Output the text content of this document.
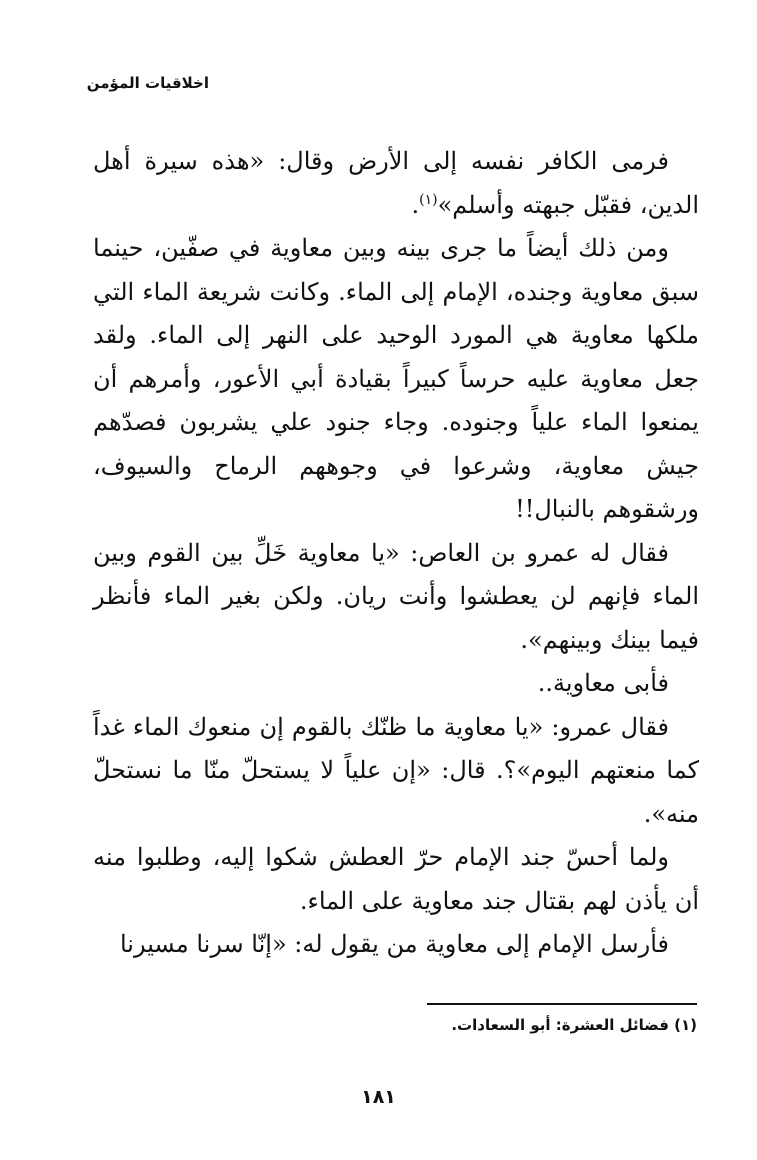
اخلاقيات المؤمن

فرمى الكافر نفسه إلى الأرض وقال: «هذه سيرة أهل الدين، فقبّل جبهته وأسلم»$^{(١)}$.

ومن ذلك أيضاً ما جرى بينه وبين معاوية في صفّين، حينما سبق معاوية وجنده، الإمام إلى الماء. وكانت شريعة الماء التي ملكها معاوية هي المورد الوحيد على النهر إلى الماء. ولقد جعل معاوية عليه حرساً كبيراً بقيادة أبي الأعور، وأمرهم أن يمنعوا الماء علياً وجنوده. وجاء جنود علي يشربون فصدّهم جيش معاوية، وشرعوا في وجوههم الرماح والسيوف، ورشقوهم بالنبال!!

فقال له عمرو بن العاص: «يا معاوية خَلِّ بين القوم وبين الماء فإنهم لن يعطشوا وأنت ريان. ولكن بغير الماء فأنظر فيما بينك وبينهم».

فأبى معاوية..

فقال عمرو: «يا معاوية ما ظنّك بالقوم إن منعوك الماء غداً كما منعتهم اليوم»؟. قال: «إن علياً لا يستحلّ منّا ما نستحلّ منه».

ولما أحسّ جند الإمام حرّ العطش شكوا إليه، وطلبوا منه أن يأذن لهم بقتال جند معاوية على الماء.

فأرسل الإمام إلى معاوية من يقول له: «إنّا سرنا مسيرنا

(١) فضائل العشرة: أبو السعادات.
١٨١
